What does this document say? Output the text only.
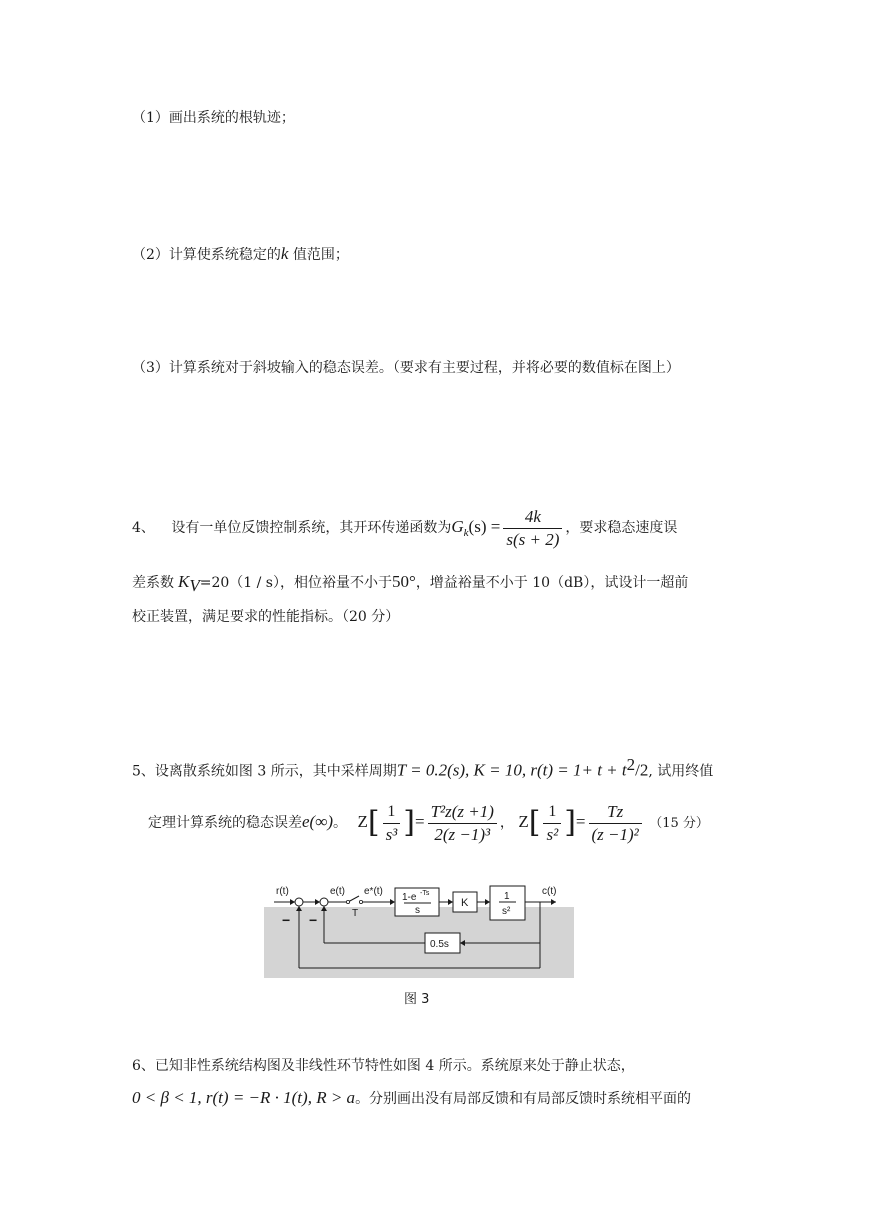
（1）画出系统的根轨迹；
（2）计算使系统稳定的k 值范围；
（3）计算系统对于斜坡输入的稳态误差。（要求有主要过程，并将必要的数值标在图上）
4、 设有一单位反馈控制系统，其开环传递函数为$G_k(s) = \frac{4k}{s(s + 2)}$ ，要求稳态速度误
差系数 $K_V=20(1 / s)$，相位裕量不小于50°，增益裕量不小于 10（dB），试设计一超前
校正装置，满足要求的性能指标。（20 分）
5、设离散系统如图 3 所示，其中采样周期T = 0.2(s), K = 10, $r(t) = 1+ t + t^2/2$, 试用终值
定理计算系统的稳态误差e(∞)。 $Z[ \frac{1}{\text{s³}}$ ]= $\frac{\text{T²z(z +1)}}{\text{2(z −1)³}}$ ， $Z[ \frac{1}{\text{s²}}$ ]= $\frac{Tz}{\text{(z −1)²}} (15$ 分）
r(t)	e(t) e*(t)
T
1-e -Ts
s
K
1
s²
c(t)
0.5s
− −
图 3
6、已知非性系统结构图及非线性环节特性如图 4 所示。系统原来处于静止状态，
0 < β < 1, r(t) = −R · 1(t), R > a。分别画出没有局部反馈和有局部反馈时系统相平面的
